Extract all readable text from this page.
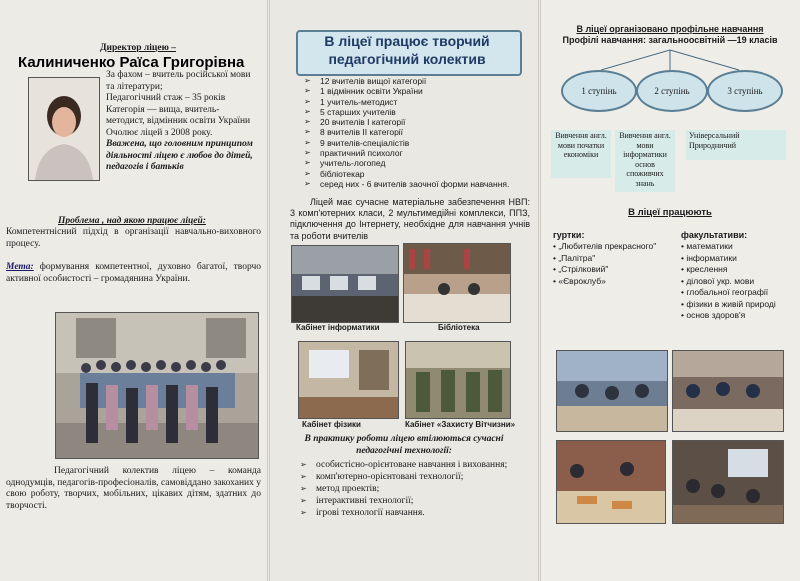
Директор ліцею –
Калиниченко Раїса Григорівна
За фахом – вчитель російської мови та літератури;
Педагогічний стаж – 35 років
Категорія — вища, вчитель-методист, відмінник освіти України
Очолює ліцей з 2008 року.
Вважена, що головним принципом діяльності ліцею є любов до дітей, педагогів і батьків
Проблема , над якою працює ліцей:
Компетентнісний підхід в організації навчально-виховного процесу.
Мета: формування компетентної, духовно багатої, творчо активної особистості – громадянина України.
Педагогічний колектив ліцею – команда однодумців, педагогів-професіоналів, самовіддано закоханих у свою роботу, творчих, мобільних, цікавих дітям, здатних до творчості.
В ліцеї працює творчий педагогічний колектив
➢ 12 вчителів вищої категорії
➢ 1 відмінник освіти України
➢ 1 учитель-методист
➢ 5 старших учителів
➢ 20 вчителів І категорії
➢ 8 вчителів ІІ категорії
➢ 9 вчителів-спеціалістів
➢ практичний психолог
➢ учитель-логопед
➢ бібліотекар
➢ серед них - 6 вчителів заочної форми навчання.
Ліцей має сучасне матеріальне забезпечення НВП: 3 комп'ютерних класи, 2 мультимедійні комплекси, ППЗ, підключення до Інтернету, необхідне для навчання учнів та роботи вчителів
Кабінет інформатики	Бібліотека
Кабінет фізики	Кабінет «Захисту Вітчизни»
В практику роботи ліцею втілюються сучасні педагогічні технології:
➢ особистісно-орієнтоване навчання і виховання;
➢ комп'ютерно-орієнтовані технології;
➢ метод проектів;
➢ інтерактивні технології;
➢ ігрові технології навчання.
В ліцеї організовано профільне навчання
Профілі навчання: загальноосвітній —19 класів
1 ступінь	2 ступінь	3 ступінь
Вивчення англ. мови початки економіки
Вивчення англ. мови інформатики основ споживчих знань
Універсальний Природничий
В ліцеї працюють
гуртки:
• „Любителів прекрасного"
• „Палітра"
• „Стрілковий"
• «Євроклуб»
факультативи:
• математики
• інформатики
• креслення
• ділової укр. мови
• глобальної географії
• фізики в живій природі
• основ здоров'я
